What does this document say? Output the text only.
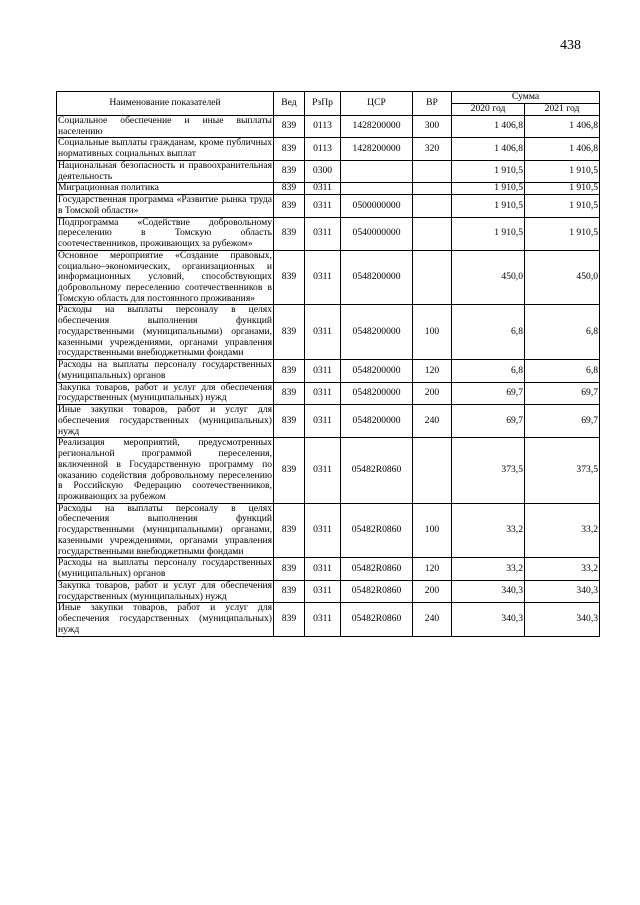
438
Наименование показателей	Вед	РзПр	ЦСР	ВР	Сумма	
					2020 год	2021 год
Социальное обеспечение и иные выплаты населению	839	0113	1428200000	300	1 406,8	1 406,8
Социальные выплаты гражданам, кроме публичных нормативных социальных выплат	839	0113	1428200000	320	1 406,8	1 406,8
Национальная безопасность и правоохранительная деятельность	839	0300			1 910,5	1 910,5
Миграционная политика	839	0311			1 910,5	1 910,5
Государственная программа «Развитие рынка труда в Томской области»	839	0311	0500000000		1 910,5	1 910,5
Подпрограмма «Содействие добровольному переселению в Томскую область соотечественников, проживающих за рубежом»	839	0311	0540000000		1 910,5	1 910,5
Основное мероприятие «Создание правовых, социально–экономических, организационных и информационных условий, способствующих добровольному переселению соотечественников в Томскую область для постоянного проживания»	839	0311	0548200000		450,0	450,0
Расходы на выплаты персоналу в целях обеспечения выполнения функций государственными (муниципальными) органами, казенными учреждениями, органами управления государственными внебюджетными фондами	839	0311	0548200000	100	6,8	6,8
Расходы на выплаты персоналу государственных (муниципальных) органов	839	0311	0548200000	120	6,8	6,8
Закупка товаров, работ и услуг для обеспечения государственных (муниципальных) нужд	839	0311	0548200000	200	69,7	69,7
Иные закупки товаров, работ и услуг для обеспечения государственных (муниципальных) нужд	839	0311	0548200000	240	69,7	69,7
Реализация мероприятий, предусмотренных региональной программой переселения, включенной в Государственную программу по оказанию содействия добровольному переселению в Российскую Федерацию соотечественников, проживающих за рубежом	839	0311	05482R0860		373,5	373,5
Расходы на выплаты персоналу в целях обеспечения выполнения функций государственными (муниципальными) органами, казенными учреждениями, органами управления государственными внебюджетными фондами	839	0311	05482R0860	100	33,2	33,2
Расходы на выплаты персоналу государственных (муниципальных) органов	839	0311	05482R0860	120	33,2	33,2
Закупка товаров, работ и услуг для обеспечения государственных (муниципальных) нужд	839	0311	05482R0860	200	340,3	340,3
Иные закупки товаров, работ и услуг для обеспечения государственных (муниципальных) нужд	839	0311	05482R0860	240	340,3	340,3
